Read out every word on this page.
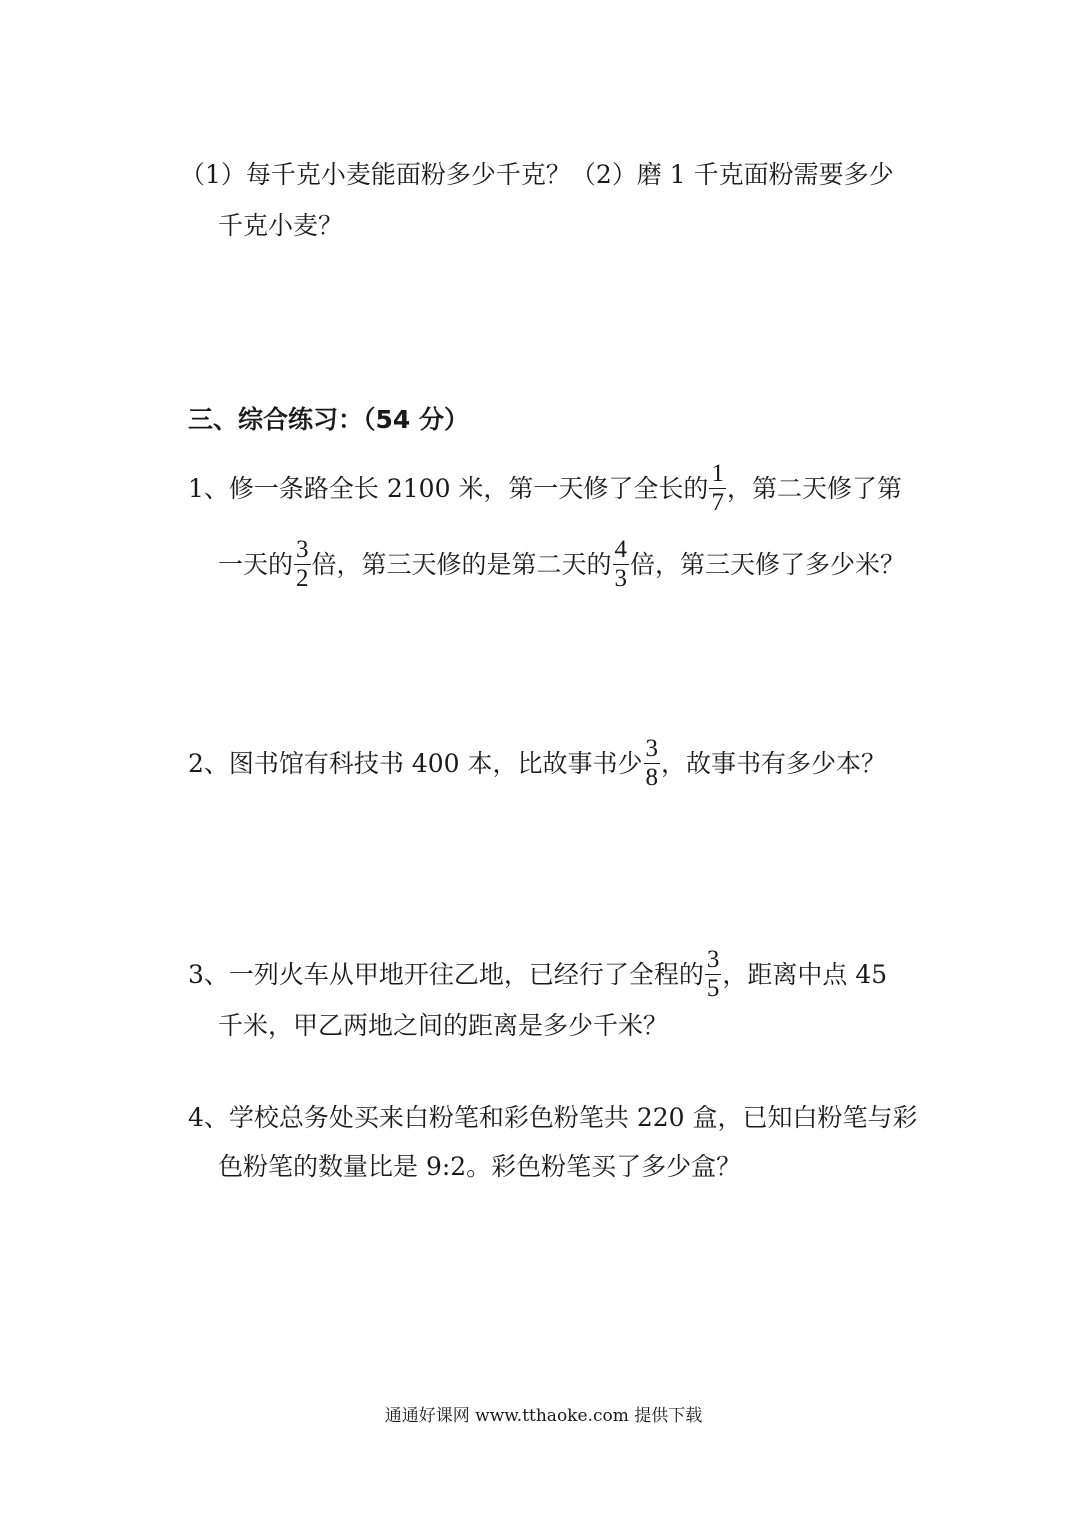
（1）每千克小麦能面粉多少千克？（2）磨 1 千克面粉需要多少
千克小麦？
三、综合练习：（54 分）
1、修一条路全长 2100 米，第一天修了全长的 $\frac{1}{7}$ ，第二天修了第
一天的 $\frac{3}{2}$ 倍，第三天修的是第二天的 $\frac{4}{3}$ 倍，第三天修了多少米？
2、图书馆有科技书 400 本，比故事书少 $\frac{3}{8}$ ，故事书有多少本？
3、一列火车从甲地开往乙地，已经行了全程的 $\frac{3}{5}$ ，距离中点 45
千米，甲乙两地之间的距离是多少千米？
4、学校总务处买来白粉笔和彩色粉笔共 220 盒，已知白粉笔与彩
色粉笔的数量比是 9:2。彩色粉笔买了多少盒？
通通好课网 www.tthaoke.com 提供下载
